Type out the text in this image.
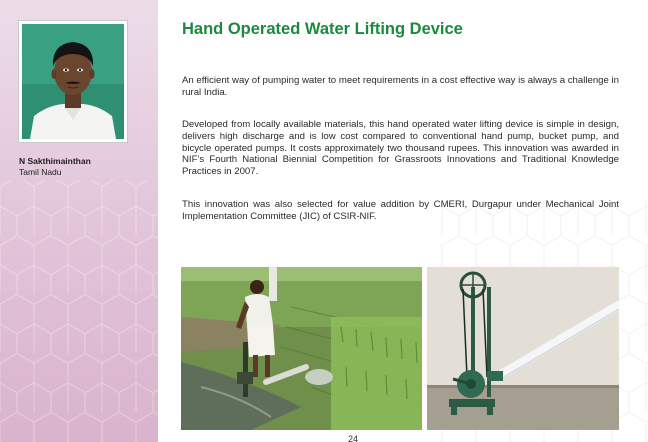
N Sakthimainthan
Tamil Nadu
Hand Operated Water Lifting Device

An efficient way of pumping water to meet requirements in a cost effective way is always a challenge in rural India.

Developed from locally available materials, this hand operated water lifting device is simple in design, delivers high discharge and is low cost compared to conventional hand pump, bucket pump, and bicycle operated pumps. It costs approximately two thousand rupees. This innovation was awarded in NIF’s Fourth National Biennial Competition for Grassroots Innovations and Traditional Knowledge Practices in 2007.

This innovation was also selected for value addition by CMERI, Durgapur under Mechanical Joint Implementation Committee (JIC) of CSIR-NIF.

24
